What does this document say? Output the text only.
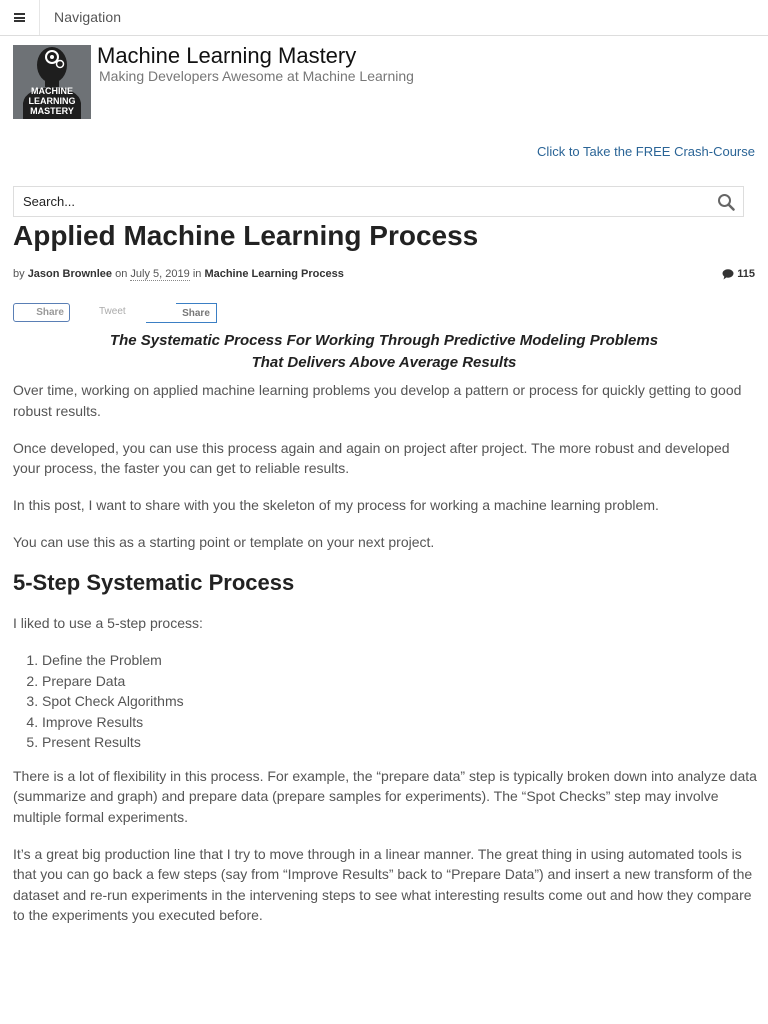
Navigation
MACHINE
LEARNING
MASTERY
Machine Learning Mastery
Making Developers Awesome at Machine Learning
Click to Take the FREE Crash-Course
Search...
Applied Machine Learning Process
by Jason Brownlee on July 5, 2019 in Machine Learning Process	115
Share	Tweet	Share
The Systematic Process For Working Through Predictive Modeling Problems
That Delivers Above Average Results

Over time, working on applied machine learning problems you develop a pattern or process for quickly getting to good robust results.

Once developed, you can use this process again and again on project after project. The more robust and developed your process, the faster you can get to reliable results.

In this post, I want to share with you the skeleton of my process for working a machine learning problem.

You can use this as a starting point or template on your next project.

5-Step Systematic Process

I liked to use a 5-step process:

1. Define the Problem
2. Prepare Data
3. Spot Check Algorithms
4. Improve Results
5. Present Results

There is a lot of flexibility in this process. For example, the “prepare data” step is typically broken down into analyze data (summarize and graph) and prepare data (prepare samples for experiments). The “Spot Checks” step may involve multiple formal experiments.

It’s a great big production line that I try to move through in a linear manner. The great thing in using automated tools is that you can go back a few steps (say from “Improve Results” back to “Prepare Data”) and insert a new transform of the dataset and re-run experiments in the intervening steps to see what interesting results come out and how they compare to the experiments you executed before.
